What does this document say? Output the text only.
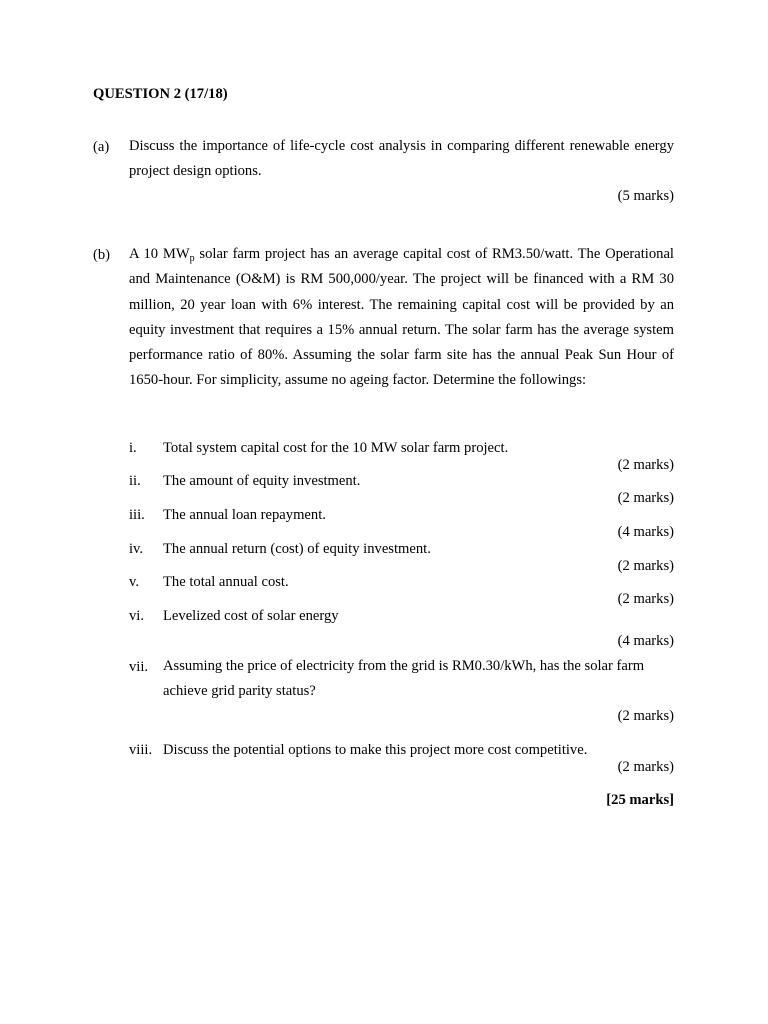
QUESTION 2 (17/18)
(a) Discuss the importance of life-cycle cost analysis in comparing different renewable energy project design options.
(5 marks)
(b) A 10 $MW_p$ solar farm project has an average capital cost of RM3.50/watt. The Operational and Maintenance (O&M) is RM 500,000/year. The project will be financed with a RM 30 million, 20 year loan with 6% interest. The remaining capital cost will be provided by an equity investment that requires a 15% annual return. The solar farm has the average system performance ratio of 80%. Assuming the solar farm site has the annual Peak Sun Hour of 1650-hour. For simplicity, assume no ageing factor. Determine the followings:
i. Total system capital cost for the 10 MW solar farm project.
(2 marks)
ii. The amount of equity investment.
(2 marks)
iii. The annual loan repayment.
(4 marks)
iv. The annual return (cost) of equity investment.
(2 marks)
v. The total annual cost.
(2 marks)
vi. Levelized cost of solar energy
(4 marks)
vii. Assuming the price of electricity from the grid is RM0.30/kWh, has the solar farm achieve grid parity status?
(2 marks)
viii. Discuss the potential options to make this project more cost competitive.
(2 marks)
[25 marks]
